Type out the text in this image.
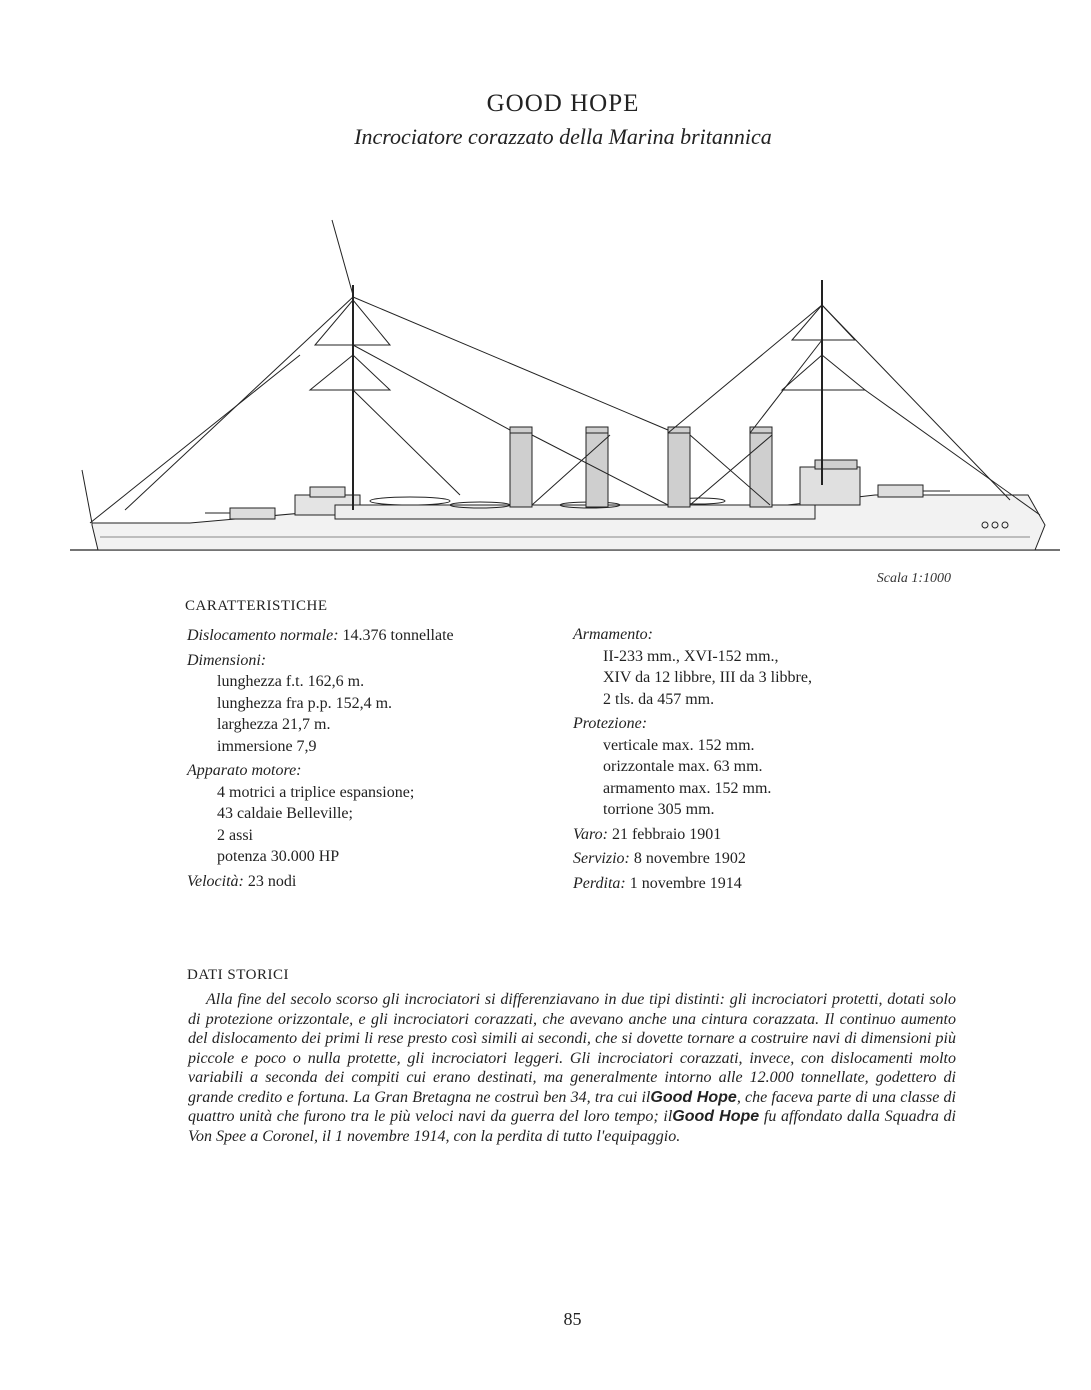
GOOD HOPE
Incrociatore corazzato della Marina britannica
Scala 1:1000
CARATTERISTICHE
Dislocamento normale: 14.376 tonnellate
Dimensioni:
lunghezza f.t. 162,6 m.
lunghezza fra p.p. 152,4 m.
larghezza 21,7 m.
immersione 7,9
Apparato motore:
4 motrici a triplice espansione;
43 caldaie Belleville;
2 assi
potenza 30.000 HP
Velocità: 23 nodi
Armamento:
II-233 mm., XVI-152 mm.,
XIV da 12 libbre, III da 3 libbre,
2 tls. da 457 mm.
Protezione:
verticale max. 152 mm.
orizzontale max. 63 mm.
armamento max. 152 mm.
torrione 305 mm.
Varo: 21 febbraio 1901
Servizio: 8 novembre 1902
Perdita: 1 novembre 1914
DATI STORICI
Alla fine del secolo scorso gli incrociatori si differenziavano in due tipi distinti: gli incrociatori protetti, dotati solo di protezione orizzontale, e gli incrociatori corazzati, che avevano anche una cintura corazzata. Il continuo aumento del dislocamento dei primi li rese presto così simili ai secondi, che si dovette tornare a costruire navi di dimensioni più piccole e poco o nulla protette, gli incrociatori leggeri. Gli incrociatori corazzati, invece, con dislocamenti molto variabili a seconda dei compiti cui erano destinati, ma generalmente intorno alle 12.000 tonnellate, godettero di grande credito e fortuna. La Gran Bretagna ne costruì ben 34, tra cui ilGood Hope, che faceva parte di una classe di quattro unità che furono tra le più veloci navi da guerra del loro tempo; ilGood Hope fu affondato dalla Squadra di Von Spee a Coronel, il 1 novembre 1914, con la perdita di tutto l'equipaggio.
85
